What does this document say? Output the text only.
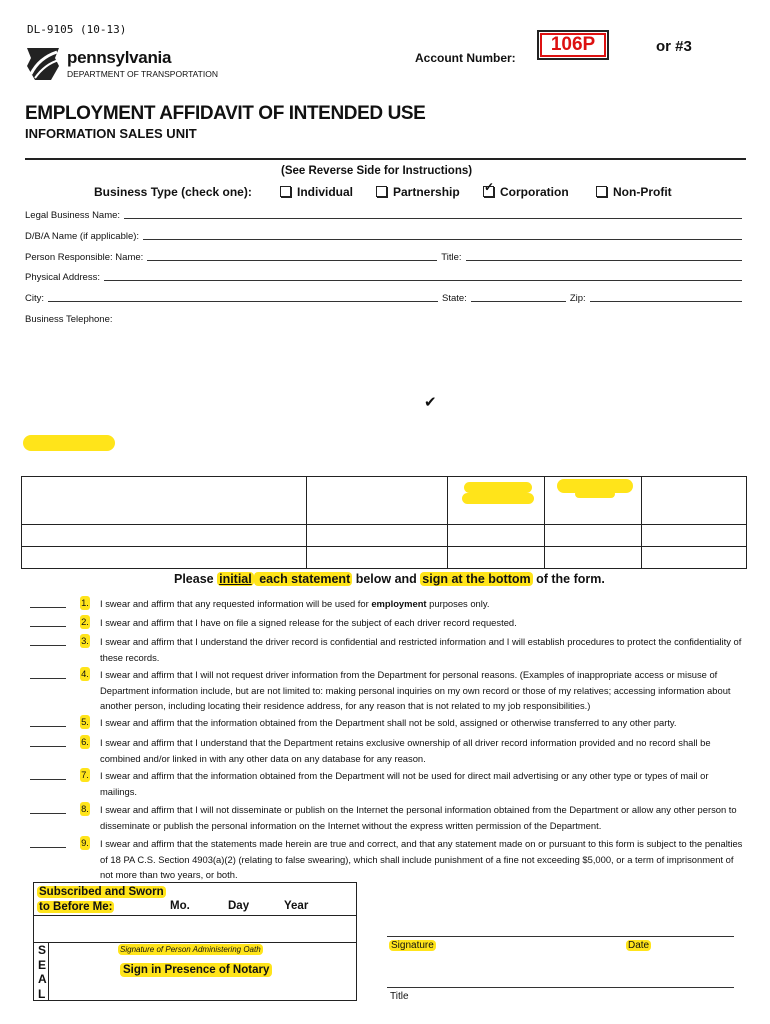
DL-9105 (10-13)
pennsylvania
DEPARTMENT OF TRANSPORTATION
Account Number:
106P	or #3
EMPLOYMENT AFFIDAVIT OF INTENDED USE
INFORMATION SALES UNIT
(See Reverse Side for Instructions)
Business Type (check one):	Individual	Partnership ✓ Corporation	Non-Profit
Legal Business Name:
D/B/A Name (if applicable):
Person Responsible: Name:	Title:
Physical Address:
City:	State:	Zip:
Business Telephone:
✔

Please initial each statement below and sign at the bottom of the form.
1. I swear and affirm that any requested information will be used for employment purposes only.
2. I swear and affirm that I have on file a signed release for the subject of each driver record requested.
3. I swear and affirm that I understand the driver record is confidential and restricted information and I will establish procedures to protect the confidentiality of these records.
4. I swear and affirm that I will not request driver information from the Department for personal reasons. (Examples of inappropriate access or misuse of Department information include, but are not limited to: making personal inquiries on my own record or those of my relatives; accessing information about another person, including locating their residence address, for any reason that is not related to my job responsibilities.)
5. I swear and affirm that the information obtained from the Department shall not be sold, assigned or otherwise transferred to any other party.
6. I swear and affirm that I understand that the Department retains exclusive ownership of all driver record information provided and no record shall be combined and/or linked in with any other data on any database for any reason.
7. I swear and affirm that the information obtained from the Department will not be used for direct mail advertising or any other type or types of mail or mailings.
8. I swear and affirm that I will not disseminate or publish on the Internet the personal information obtained from the Department or allow any other person to disseminate or publish the personal information on the Internet without the express written permission of the Department.
9. I swear and affirm that the statements made herein are true and correct, and that any statement made on or pursuant to this form is subject to the penalties of 18 PA C.S. Section 4903(a)(2) (relating to false swearing), which shall include punishment of a fine not exceeding $5,000, or a term of imprisonment of not more than two years, or both.
Subscribed and Sworn
to Before Me:	Mo.	Day	Year
S
E
A
L
Signature of Person Administering Oath
Sign in Presence of Notary
Signature	Date
Title
